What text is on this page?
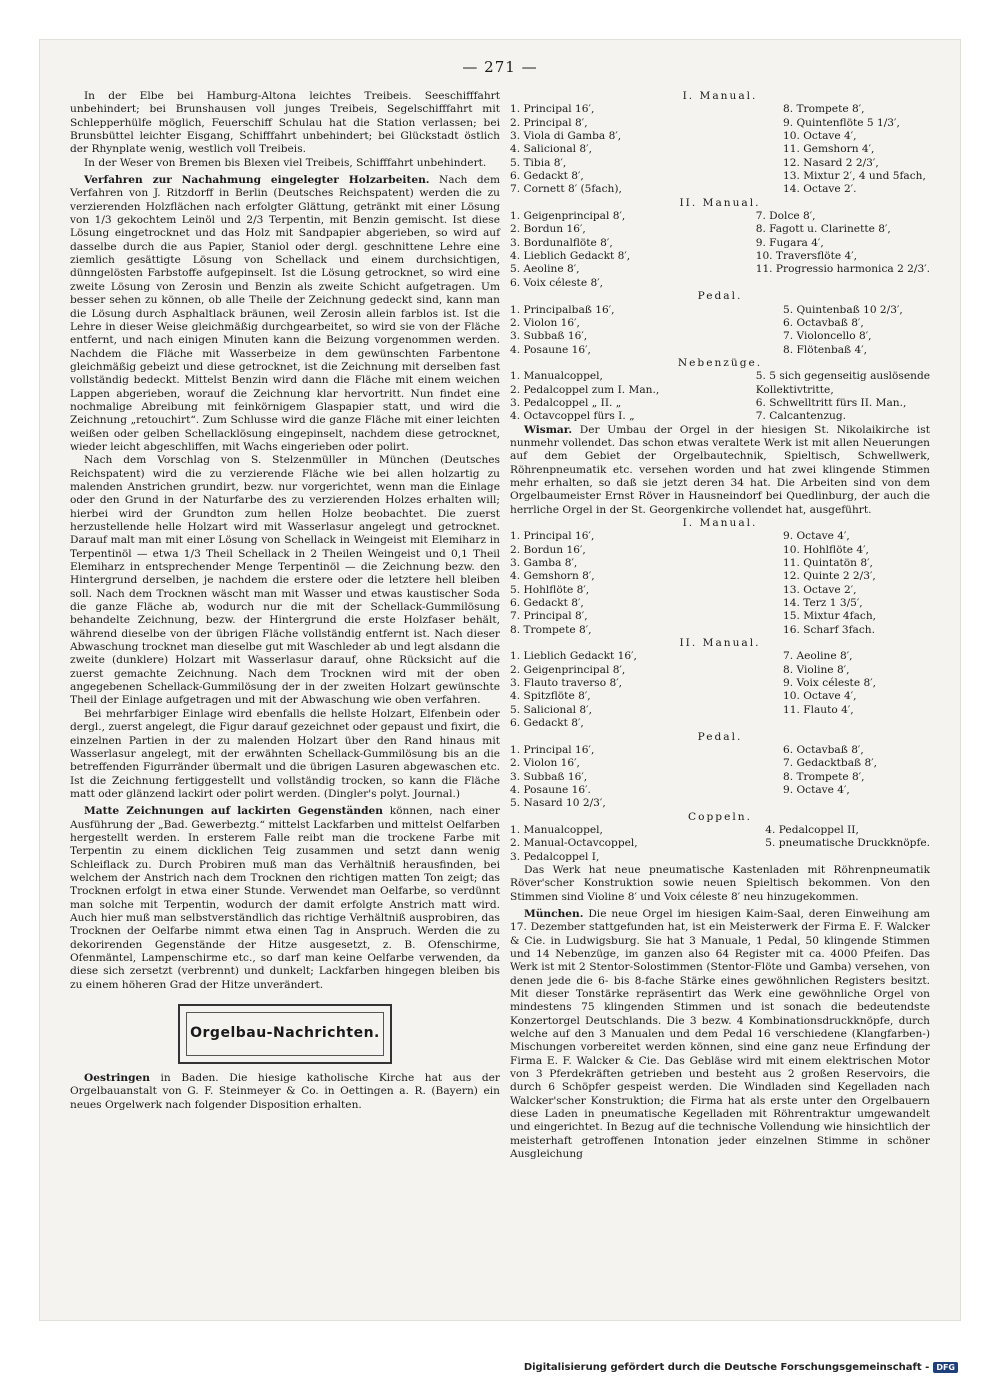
— 271 —

In der Elbe bei Hamburg-Altona leichtes Treibeis. Seeschifffahrt unbehindert; bei Brunshausen voll junges Treibeis, Segelschifffahrt mit Schlepperhülfe möglich, Feuerschiff Schulau hat die Station verlassen; bei Brunsbüttel leichter Eisgang, Schifffahrt unbehindert; bei Glückstadt östlich der Rhynplate wenig, westlich voll Treibeis.

In der Weser von Bremen bis Blexen viel Treibeis, Schifffahrt unbehindert.

Verfahren zur Nachahmung eingelegter Holzarbeiten. Nach dem Verfahren von J. Ritzdorff in Berlin (Deutsches Reichspatent) werden die zu verzierenden Holzflächen nach erfolgter Glättung, getränkt mit einer Lösung von 1/3 gekochtem Leinöl und 2/3 Terpentin, mit Benzin gemischt. Ist diese Lösung eingetrocknet und das Holz mit Sandpapier abgerieben, so wird auf dasselbe durch die aus Papier, Staniol oder dergl. geschnittene Lehre eine ziemlich gesättigte Lösung von Schellack und einem durchsichtigen, dünngelösten Farbstoffe aufgepinselt. Ist die Lösung getrocknet, so wird eine zweite Lösung von Zerosin und Benzin als zweite Schicht aufgetragen. Um besser sehen zu können, ob alle Theile der Zeichnung gedeckt sind, kann man die Lösung durch Asphaltlack bräunen, weil Zerosin allein farblos ist. Ist die Lehre in dieser Weise gleichmäßig durchgearbeitet, so wird sie von der Fläche entfernt, und nach einigen Minuten kann die Beizung vorgenommen werden. Nachdem die Fläche mit Wasserbeize in dem gewünschten Farbentone gleichmäßig gebeizt und diese getrocknet, ist die Zeichnung mit derselben fast vollständig bedeckt. Mittelst Benzin wird dann die Fläche mit einem weichen Lappen abgerieben, worauf die Zeichnung klar hervortritt. Nun findet eine nochmalige Abreibung mit feinkörnigem Glaspapier statt, und wird die Zeichnung „retouchirt“. Zum Schlusse wird die ganze Fläche mit einer leichten weißen oder gelben Schellacklösung eingepinselt, nachdem diese getrocknet, wieder leicht abgeschliffen, mit Wachs eingerieben oder polirt.

Nach dem Vorschlag von S. Stelzenmüller in München (Deutsches Reichspatent) wird die zu verzierende Fläche wie bei allen holzartig zu malenden Anstrichen grundirt, bezw. nur vorgerichtet, wenn man die Einlage oder den Grund in der Naturfarbe des zu verzierenden Holzes erhalten will; hierbei wird der Grundton zum hellen Holze beobachtet. Die zuerst herzustellende helle Holzart wird mit Wasserlasur angelegt und getrocknet. Darauf malt man mit einer Lösung von Schellack in Weingeist mit Elemiharz in Terpentinöl — etwa 1/3 Theil Schellack in 2 Theilen Weingeist und 0,1 Theil Elemiharz in entsprechender Menge Terpentinöl — die Zeichnung bezw. den Hintergrund derselben, je nachdem die erstere oder die letztere hell bleiben soll. Nach dem Trocknen wäscht man mit Wasser und etwas kaustischer Soda die ganze Fläche ab, wodurch nur die mit der Schellack-Gummilösung behandelte Zeichnung, bezw. der Hintergrund die erste Holzfaser behält, während dieselbe von der übrigen Fläche vollständig entfernt ist. Nach dieser Abwaschung trocknet man dieselbe gut mit Waschleder ab und legt alsdann die zweite (dunklere) Holzart mit Wasserlasur darauf, ohne Rücksicht auf die zuerst gemachte Zeichnung. Nach dem Trocknen wird mit der oben angegebenen Schellack-Gummilösung der in der zweiten Holzart gewünschte Theil der Einlage aufgetragen und mit der Abwaschung wie oben verfahren.

Bei mehrfarbiger Einlage wird ebenfalls die hellste Holzart, Elfenbein oder dergl., zuerst angelegt, die Figur darauf gezeichnet oder gepaust und fixirt, die einzelnen Partien in der zu malenden Holzart über den Rand hinaus mit Wasserlasur angelegt, mit der erwähnten Schellack-Gummilösung bis an die betreffenden Figurränder übermalt und die übrigen Lasuren abgewaschen etc. Ist die Zeichnung fertiggestellt und vollständig trocken, so kann die Fläche matt oder glänzend lackirt oder polirt werden. (Dingler's polyt. Journal.)

Matte Zeichnungen auf lackirten Gegenständen können, nach einer Ausführung der „Bad. Gewerbeztg.“ mittelst Lackfarben und mittelst Oelfarben hergestellt werden. In ersterem Falle reibt man die trockene Farbe mit Terpentin zu einem dicklichen Teig zusammen und setzt dann wenig Schleiflack zu. Durch Probiren muß man das Verhältniß herausfinden, bei welchem der Anstrich nach dem Trocknen den richtigen matten Ton zeigt; das Trocknen erfolgt in etwa einer Stunde. Verwendet man Oelfarbe, so verdünnt man solche mit Terpentin, wodurch der damit erfolgte Anstrich matt wird. Auch hier muß man selbstverständlich das richtige Verhältniß ausprobiren, das Trocknen der Oelfarbe nimmt etwa einen Tag in Anspruch. Werden die zu dekorirenden Gegenstände der Hitze ausgesetzt, z. B. Ofenschirme, Ofenmäntel, Lampenschirme etc., so darf man keine Oelfarbe verwenden, da diese sich zersetzt (verbrennt) und dunkelt; Lackfarben hingegen bleiben bis zu einem höheren Grad der Hitze unverändert.

Orgelbau-Nachrichten.

Oestringen in Baden. Die hiesige katholische Kirche hat aus der Orgelbauanstalt von G. F. Steinmeyer & Co. in Oettingen a. R. (Bayern) ein neues Orgelwerk nach folgender Disposition erhalten.

I. Manual.
1. Principal 16′,	8. Trompete 8′,
2. Principal 8′,	9. Quintenflöte 5 1/3′,
3. Viola di Gamba 8′,	10. Octave 4′,
4. Salicional 8′,	11. Gemshorn 4′,
5. Tibia 8′,	12. Nasard 2 2/3′,
6. Gedackt 8′,	13. Mixtur 2′, 4 und 5fach,
7. Cornett 8′ (5fach),	14. Octave 2′.
II. Manual.
1. Geigenprincipal 8′,	7. Dolce 8′,
2. Bordun 16′,	8. Fagott u. Clarinette 8′,
3. Bordunalflöte 8′,	9. Fugara 4′,
4. Lieblich Gedackt 8′,	10. Traversflöte 4′,
5. Aeoline 8′,	11. Progressio harmonica 2 2/3′.
6. Voix céleste 8′,
Pedal.
1. Principalbaß 16′,	5. Quintenbaß 10 2/3′,
2. Violon 16′,	6. Octavbaß 8′,
3. Subbaß 16′,	7. Violoncello 8′,
4. Posaune 16′,	8. Flötenbaß 4′,
Nebenzüge.
1. Manualcoppel,	5. 5 sich gegenseitig auslösende
2. Pedalcoppel zum I. Man.,	Kollektivtritte,
3. Pedalcoppel „ II. „	6. Schwelltritt fürs II. Man.,
4. Octavcoppel fürs I. „	7. Calcantenzug.

Wismar. Der Umbau der Orgel in der hiesigen St. Nikolaikirche ist nunmehr vollendet. Das schon etwas veraltete Werk ist mit allen Neuerungen auf dem Gebiet der Orgelbautechnik, Spieltisch, Schwellwerk, Röhrenpneumatik etc. versehen worden und hat zwei klingende Stimmen mehr erhalten, so daß sie jetzt deren 34 hat. Die Arbeiten sind von dem Orgelbaumeister Ernst Röver in Hausneindorf bei Quedlinburg, der auch die herrliche Orgel in der St. Georgenkirche vollendet hat, ausgeführt.

I. Manual.
1. Principal 16′,	9. Octave 4′,
2. Bordun 16′,	10. Hohlflöte 4′,
3. Gamba 8′,	11. Quintatön 8′,
4. Gemshorn 8′,	12. Quinte 2 2/3′,
5. Hohlflöte 8′,	13. Octave 2′,
6. Gedackt 8′,	14. Terz 1 3/5′,
7. Principal 8′,	15. Mixtur 4fach,
8. Trompete 8′,	16. Scharf 3fach.
II. Manual.
1. Lieblich Gedackt 16′,	7. Aeoline 8′,
2. Geigenprincipal 8′,	8. Violine 8′,
3. Flauto traverso 8′,	9. Voix céleste 8′,
4. Spitzflöte 8′,	10. Octave 4′,
5. Salicional 8′,	11. Flauto 4′,
6. Gedackt 8′,
Pedal.
1. Principal 16′,	6. Octavbaß 8′,
2. Violon 16′,	7. Gedacktbaß 8′,
3. Subbaß 16′,	8. Trompete 8′,
4. Posaune 16′.	9. Octave 4′,
5. Nasard 10 2/3′,
Coppeln.
1. Manualcoppel,	4. Pedalcoppel II,
2. Manual-Octavcoppel,	5. pneumatische Druckknöpfe.
3. Pedalcoppel I,

Das Werk hat neue pneumatische Kastenladen mit Röhrenpneumatik Röver'scher Konstruktion sowie neuen Spieltisch bekommen. Von den Stimmen sind Violine 8′ und Voix céleste 8′ neu hinzugekommen.

München. Die neue Orgel im hiesigen Kaim-Saal, deren Einweihung am 17. Dezember stattgefunden hat, ist ein Meisterwerk der Firma E. F. Walcker & Cie. in Ludwigsburg. Sie hat 3 Manuale, 1 Pedal, 50 klingende Stimmen und 14 Nebenzüge, im ganzen also 64 Register mit ca. 4000 Pfeifen. Das Werk ist mit 2 Stentor-Solostimmen (Stentor-Flöte und Gamba) versehen, von denen jede die 6- bis 8-fache Stärke eines gewöhnlichen Registers besitzt. Mit dieser Tonstärke repräsentirt das Werk eine gewöhnliche Orgel von mindestens 75 klingenden Stimmen und ist sonach die bedeutendste Konzertorgel Deutschlands. Die 3 bezw. 4 Kombinationsdruckknöpfe, durch welche auf den 3 Manualen und dem Pedal 16 verschiedene (Klangfarben-) Mischungen vorbereitet werden können, sind eine ganz neue Erfindung der Firma E. F. Walcker & Cie. Das Gebläse wird mit einem elektrischen Motor von 3 Pferdekräften getrieben und besteht aus 2 großen Reservoirs, die durch 6 Schöpfer gespeist werden. Die Windladen sind Kegelladen nach Walcker'scher Konstruktion; die Firma hat als erste unter den Orgelbauern diese Laden in pneumatische Kegelladen mit Röhrentraktur umgewandelt und eingerichtet. In Bezug auf die technische Vollendung wie hinsichtlich der meisterhaft getroffenen Intonation jeder einzelnen Stimme in schöner Ausgleichung

Digitalisierung gefördert durch die Deutsche Forschungsgemeinschaft - DFG
